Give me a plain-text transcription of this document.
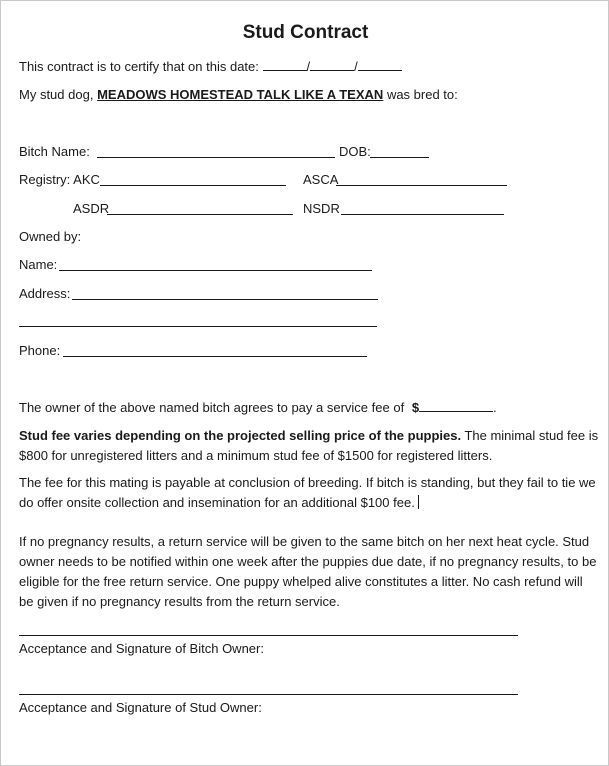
Stud Contract
This contract is to certify that on this date:	/	/
My stud dog, MEADOWS HOMESTEAD TALK LIKE A TEXAN was bred to:
Bitch Name:	DOB:
Registry: AKC	ASCA
ASDR	NSDR
Owned by:
Name:
Address:
Phone:
The owner of the above named bitch agrees to pay a service fee of $	.
Stud fee varies depending on the projected selling price of the puppies. The minimal stud fee is $800 for unregistered litters and a minimum stud fee of $1500 for registered litters.
The fee for this mating is payable at conclusion of breeding. If bitch is standing, but they fail to tie we do offer onsite collection and insemination for an additional $100 fee.
If no pregnancy results, a return service will be given to the same bitch on her next heat cycle. Stud owner needs to be notified within one week after the puppies due date, if no pregnancy results, to be eligible for the free return service. One puppy whelped alive constitutes a litter. No cash refund will be given if no pregnancy results from the return service.
Acceptance and Signature of Bitch Owner:
Acceptance and Signature of Stud Owner:
